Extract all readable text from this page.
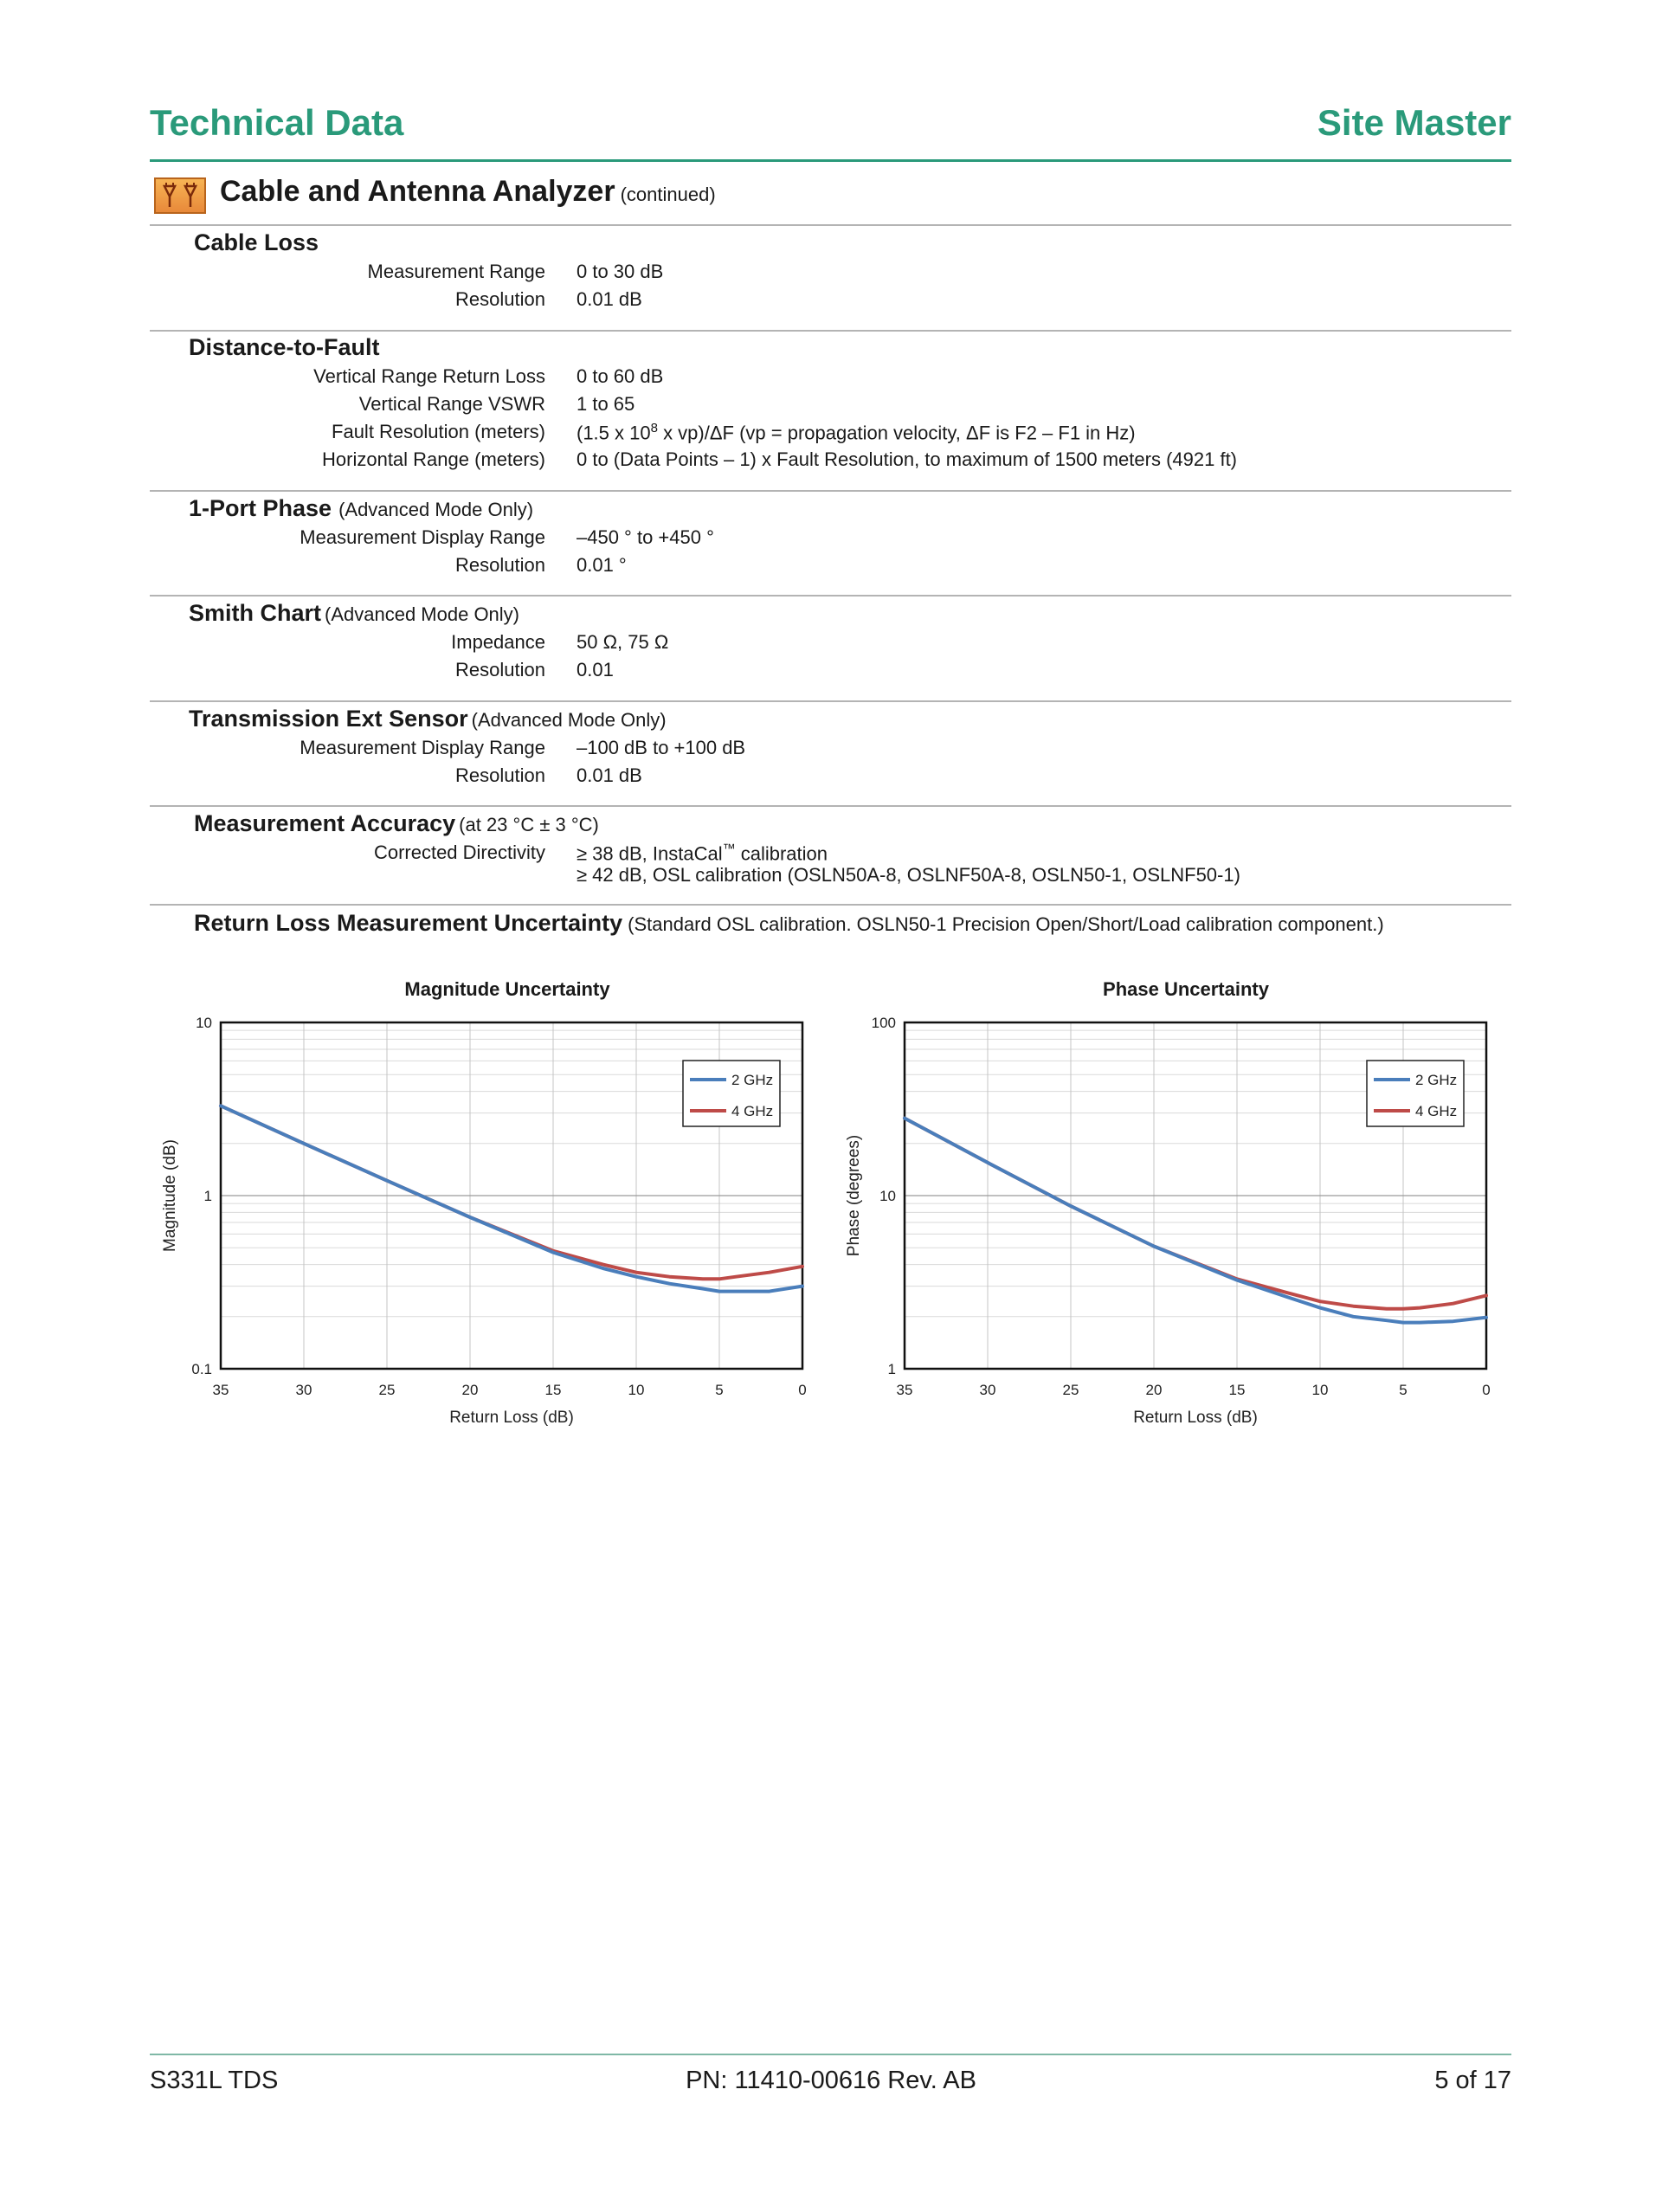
Technical Data	Site Master
Cable and Antenna Analyzer (continued)
Cable Loss
Measurement Range 0 to 30 dB
Resolution 0.01 dB
Distance-to-Fault
Vertical Range Return Loss 0 to 60 dB
Vertical Range VSWR 1 to 65
Fault Resolution (meters) (1.5 x $10^8$ x vp)/ΔF (vp = propagation velocity, ΔF is F2 – F1 in Hz)
Horizontal Range (meters) 0 to (Data Points – 1) x Fault Resolution, to maximum of 1500 meters (4921 ft)
1-Port Phase (Advanced Mode Only)
Measurement Display Range –450 ° to +450 °
Resolution 0.01 °
Smith Chart (Advanced Mode Only)
Impedance 50 Ω, 75 Ω
Resolution 0.01
Transmission Ext Sensor (Advanced Mode Only)
Measurement Display Range –100 dB to +100 dB
Resolution 0.01 dB
Measurement Accuracy (at 23 °C ± 3 °C)
Corrected Directivity ≥ 38 dB, InstaCal™ calibration
≥ 42 dB, OSL calibration (OSLN50A-8, OSLNF50A-8, OSLN50-1, OSLNF50-1)
Return Loss Measurement Uncertainty (Standard OSL calibration. OSLN50-1 Precision Open/Short/Load calibration component.)
Magnitude Uncertainty
35	30	25	20	15	10	5	0
10
1
0.1
Return Loss (dB)
Magnitude (dB)
2 GHz
4 GHz
Phase Uncertainty
35	30	25	20	15	10	5	0
100
10
1
Return Loss (dB)
Phase (degrees)
2 GHz
4 GHz
S331L TDS	PN: 11410-00616 Rev. AB	5 of 17
